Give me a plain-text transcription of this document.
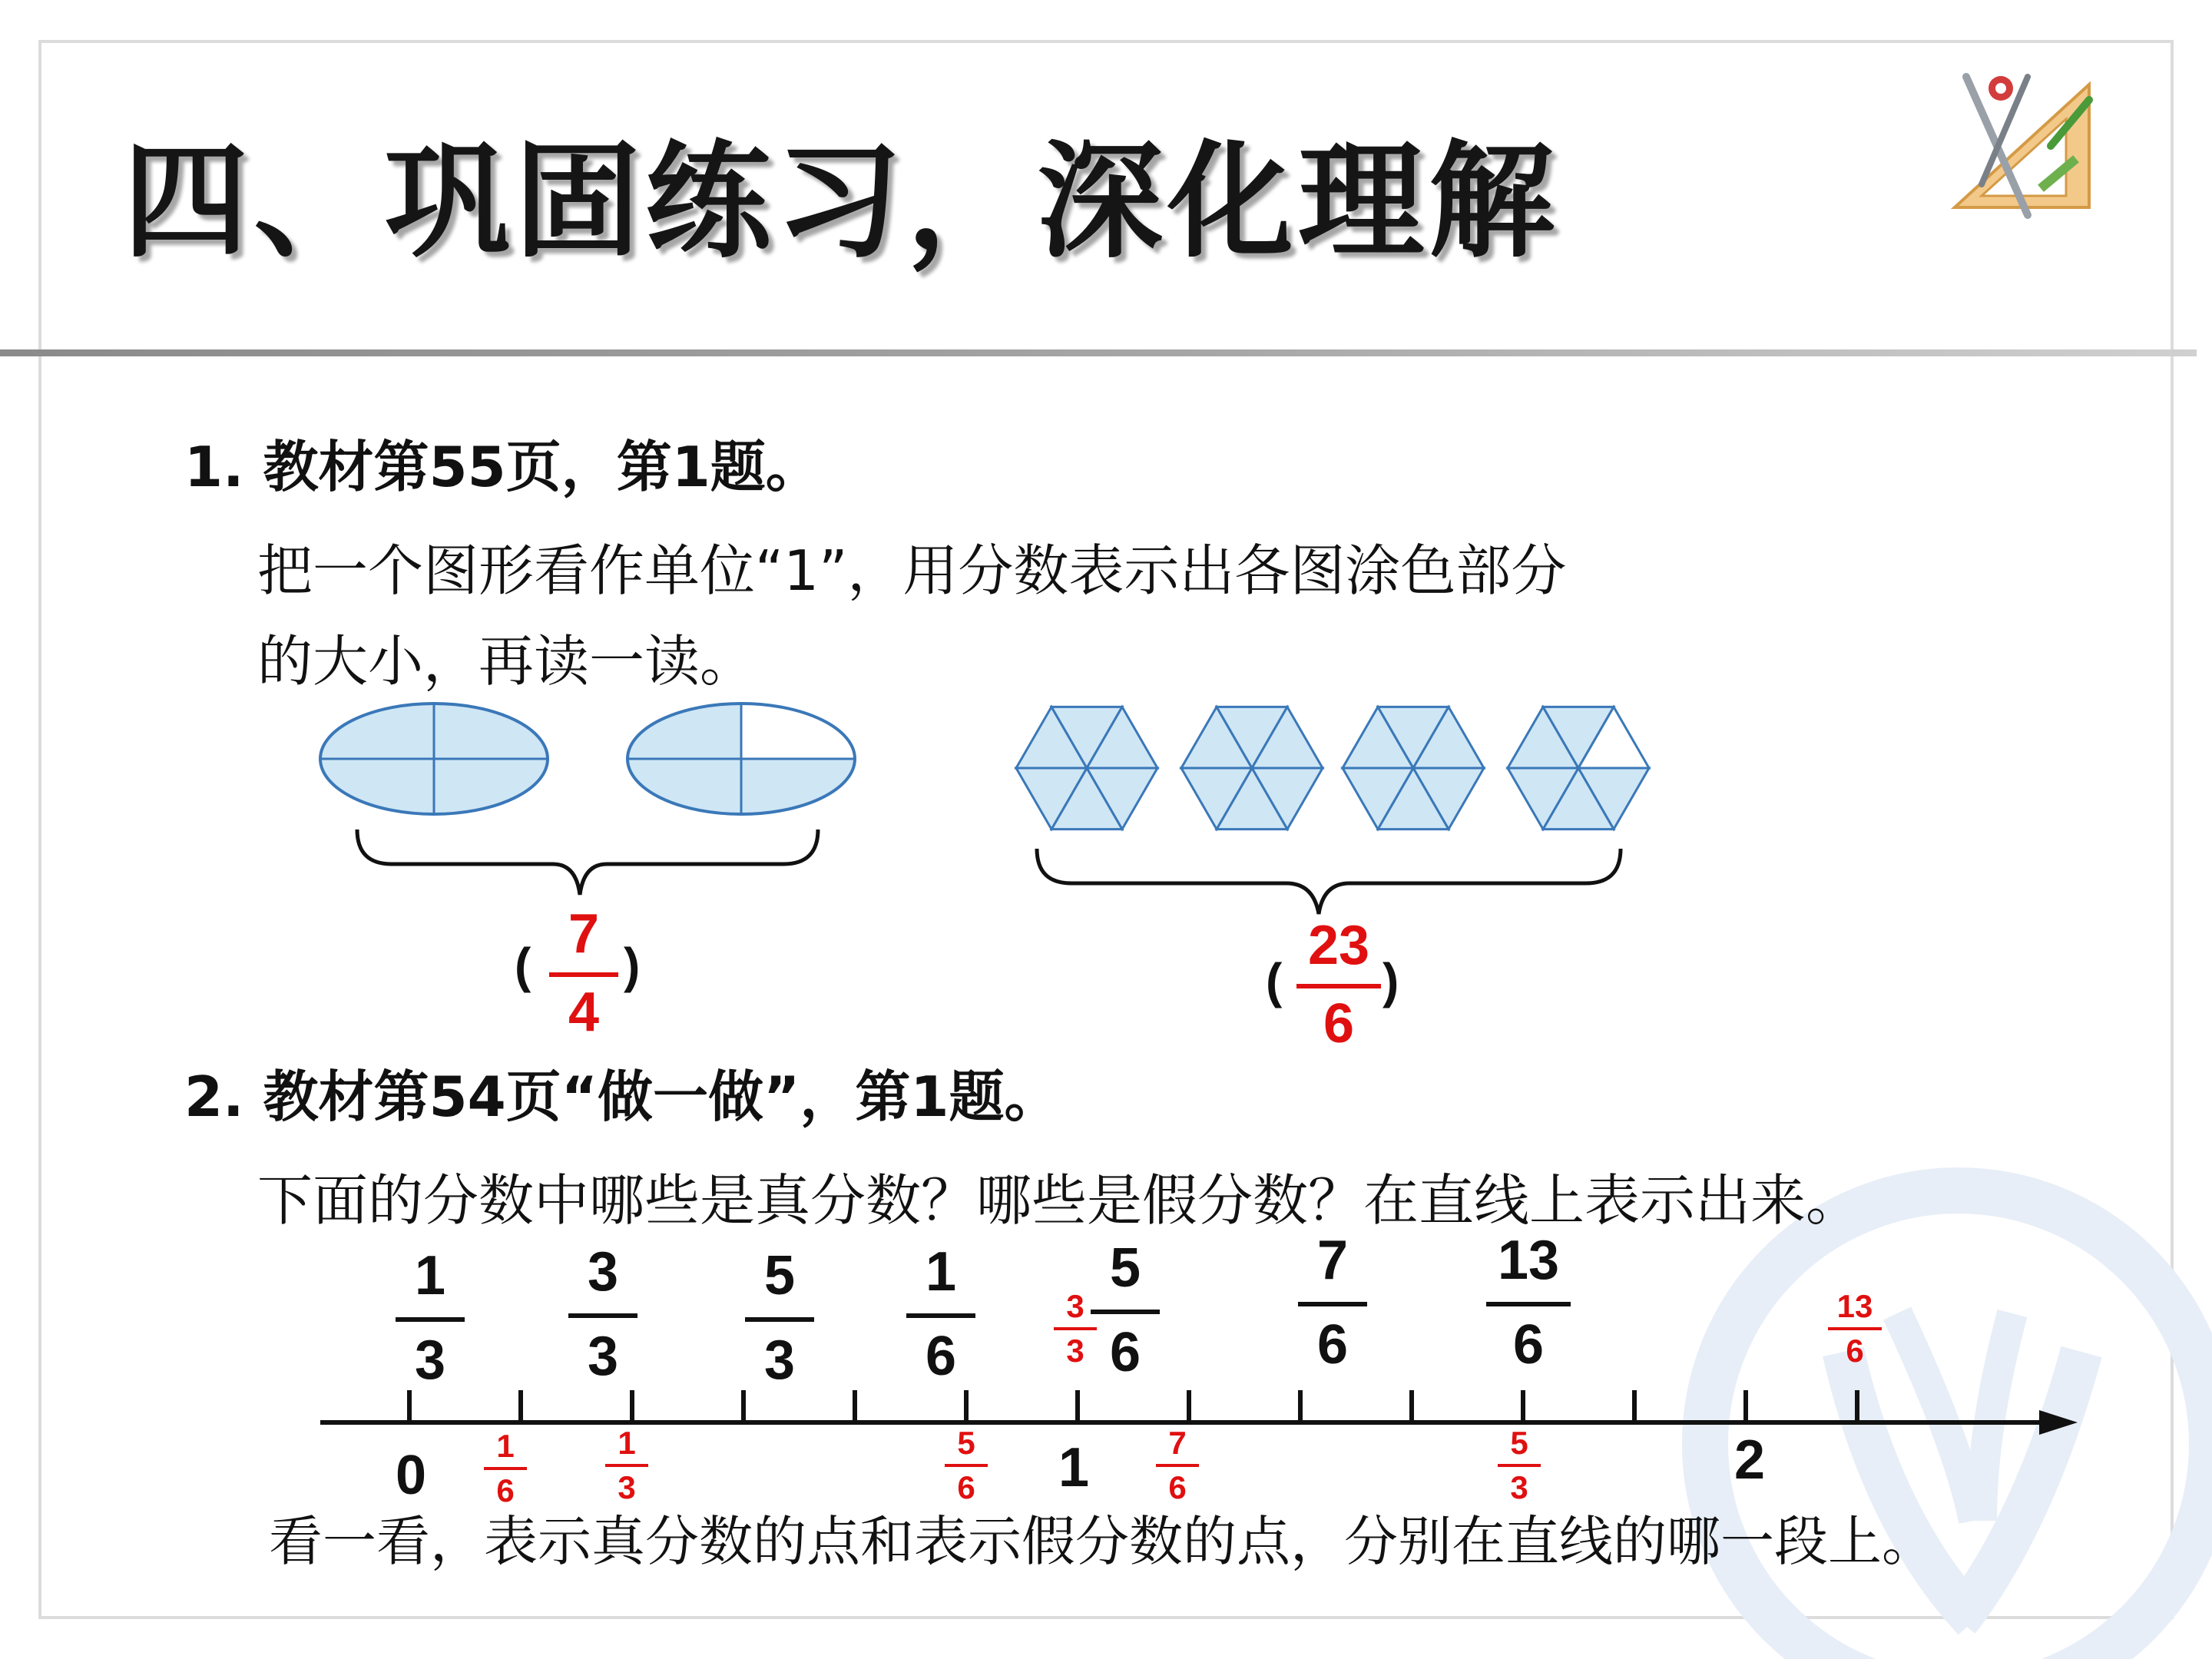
四、巩固练习，深化理解
1. 教材第55页，第1题。
把一个图形看作单位“1”，用分数表示出各图涂色部分
的大小，再读一读。
(
7
4
)	(
23
6
)
2. 教材第54页“做一做”，第1题。
下面的分数中哪些是真分数？哪些是假分数？在直线上表示出来。
1
3
3
3
5
3
1
6
5
6
7
6
13
6
0	1	2
3
3
13
6
1
6
1
3
5
6
7
6
5
3
看一看，表示真分数的点和表示假分数的点，分别在直线的哪一段上。
